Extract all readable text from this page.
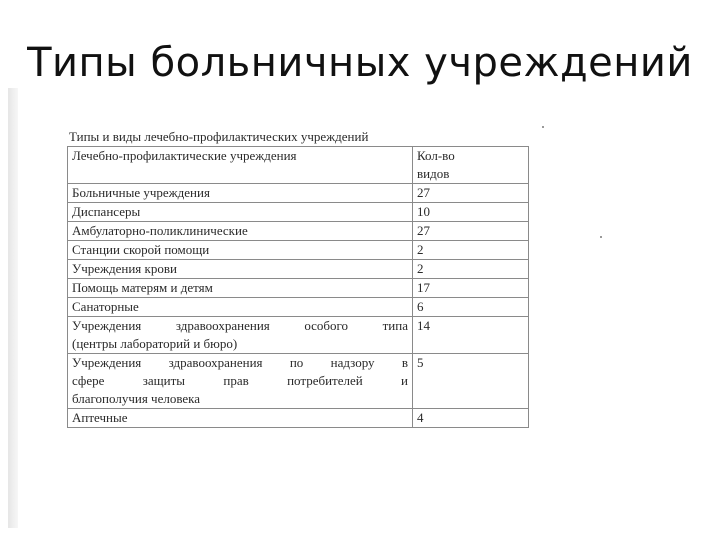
Типы больничных учреждений
Типы и виды лечебно-профилактических учреждений
Лечебно-профилактические учреждения	Кол-во
видов

Больничные учреждения	27
Диспансеры	10
Амбулаторно-поликлинические	27
Станции скорой помощи	2
Учреждения крови	2
Помощь матерям и детям	17
Санаторные	6

Учреждения здравоохранения особого типа
(центры лабораторий и бюро)	14

Учреждения здравоохранения по надзору в
сфере защиты прав потребителей и
благополучия человека	5
Аптечные	4
